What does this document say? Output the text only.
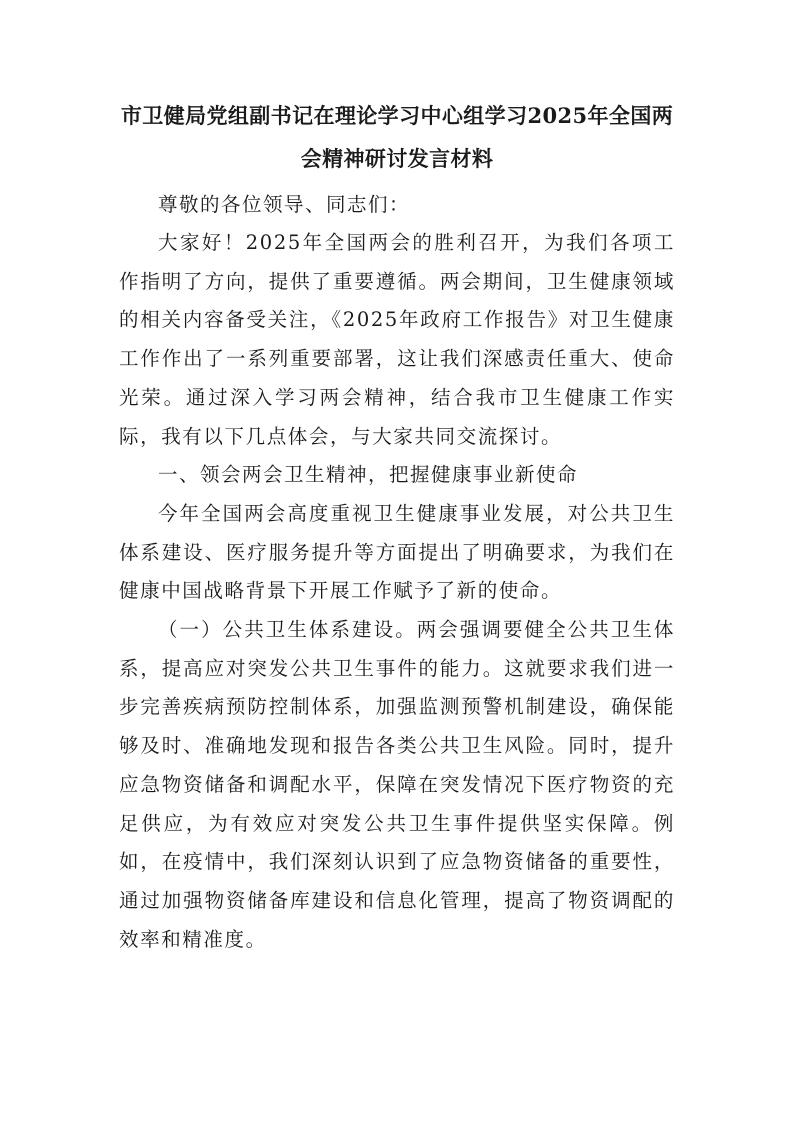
市卫健局党组副书记在理论学习中心组学习2025年全国两会精神研讨发言材料

尊敬的各位领导、同志们：

大家好！2025年全国两会的胜利召开，为我们各项工作指明了方向，提供了重要遵循。两会期间，卫生健康领域的相关内容备受关注，《2025年政府工作报告》对卫生健康工作作出了一系列重要部署，这让我们深感责任重大、使命光荣。通过深入学习两会精神，结合我市卫生健康工作实际，我有以下几点体会，与大家共同交流探讨。

一、领会两会卫生精神，把握健康事业新使命

今年全国两会高度重视卫生健康事业发展，对公共卫生体系建设、医疗服务提升等方面提出了明确要求，为我们在健康中国战略背景下开展工作赋予了新的使命。

（一）公共卫生体系建设。两会强调要健全公共卫生体系，提高应对突发公共卫生事件的能力。这就要求我们进一步完善疾病预防控制体系，加强监测预警机制建设，确保能够及时、准确地发现和报告各类公共卫生风险。同时，提升应急物资储备和调配水平，保障在突发情况下医疗物资的充足供应，为有效应对突发公共卫生事件提供坚实保障。例如，在疫情中，我们深刻认识到了应急物资储备的重要性，通过加强物资储备库建设和信息化管理，提高了物资调配的效率和精准度。
